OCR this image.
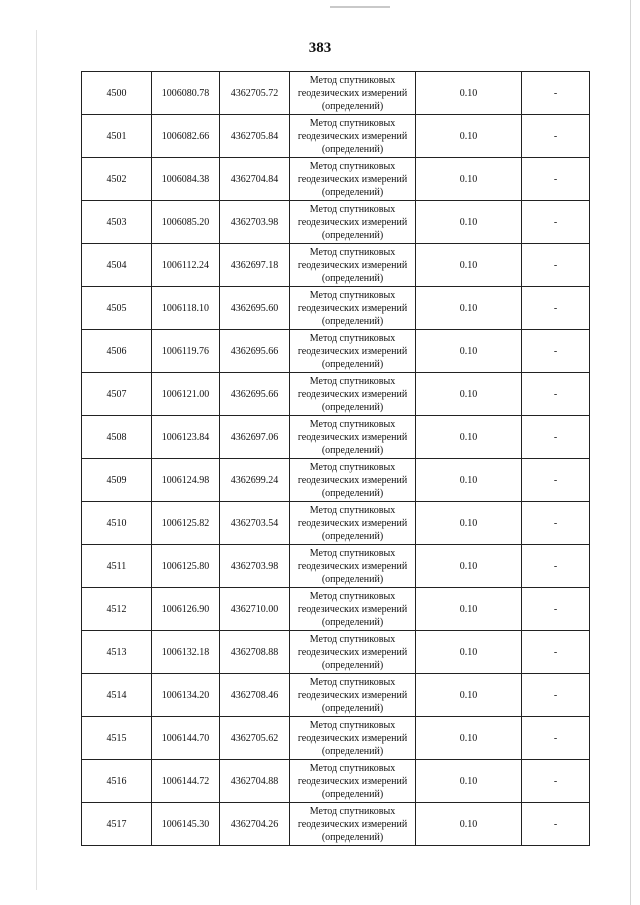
383
4500	1006080.78	4362705.72	Метод спутниковых
геодезических измерений
(определений)	0.10	-
4501	1006082.66	4362705.84	Метод спутниковых
геодезических измерений
(определений)	0.10	-
4502	1006084.38	4362704.84	Метод спутниковых
геодезических измерений
(определений)	0.10	-
4503	1006085.20	4362703.98	Метод спутниковых
геодезических измерений
(определений)	0.10	-
4504	1006112.24	4362697.18	Метод спутниковых
геодезических измерений
(определений)	0.10	-
4505	1006118.10	4362695.60	Метод спутниковых
геодезических измерений
(определений)	0.10	-
4506	1006119.76	4362695.66	Метод спутниковых
геодезических измерений
(определений)	0.10	-
4507	1006121.00	4362695.66	Метод спутниковых
геодезических измерений
(определений)	0.10	-
4508	1006123.84	4362697.06	Метод спутниковых
геодезических измерений
(определений)	0.10	-
4509	1006124.98	4362699.24	Метод спутниковых
геодезических измерений
(определений)	0.10	-
4510	1006125.82	4362703.54	Метод спутниковых
геодезических измерений
(определений)	0.10	-
4511	1006125.80	4362703.98	Метод спутниковых
геодезических измерений
(определений)	0.10	-
4512	1006126.90	4362710.00	Метод спутниковых
геодезических измерений
(определений)	0.10	-
4513	1006132.18	4362708.88	Метод спутниковых
геодезических измерений
(определений)	0.10	-
4514	1006134.20	4362708.46	Метод спутниковых
геодезических измерений
(определений)	0.10	-
4515	1006144.70	4362705.62	Метод спутниковых
геодезических измерений
(определений)	0.10	-
4516	1006144.72	4362704.88	Метод спутниковых
геодезических измерений
(определений)	0.10	-
4517	1006145.30	4362704.26	Метод спутниковых
геодезических измерений
(определений)	0.10	-
